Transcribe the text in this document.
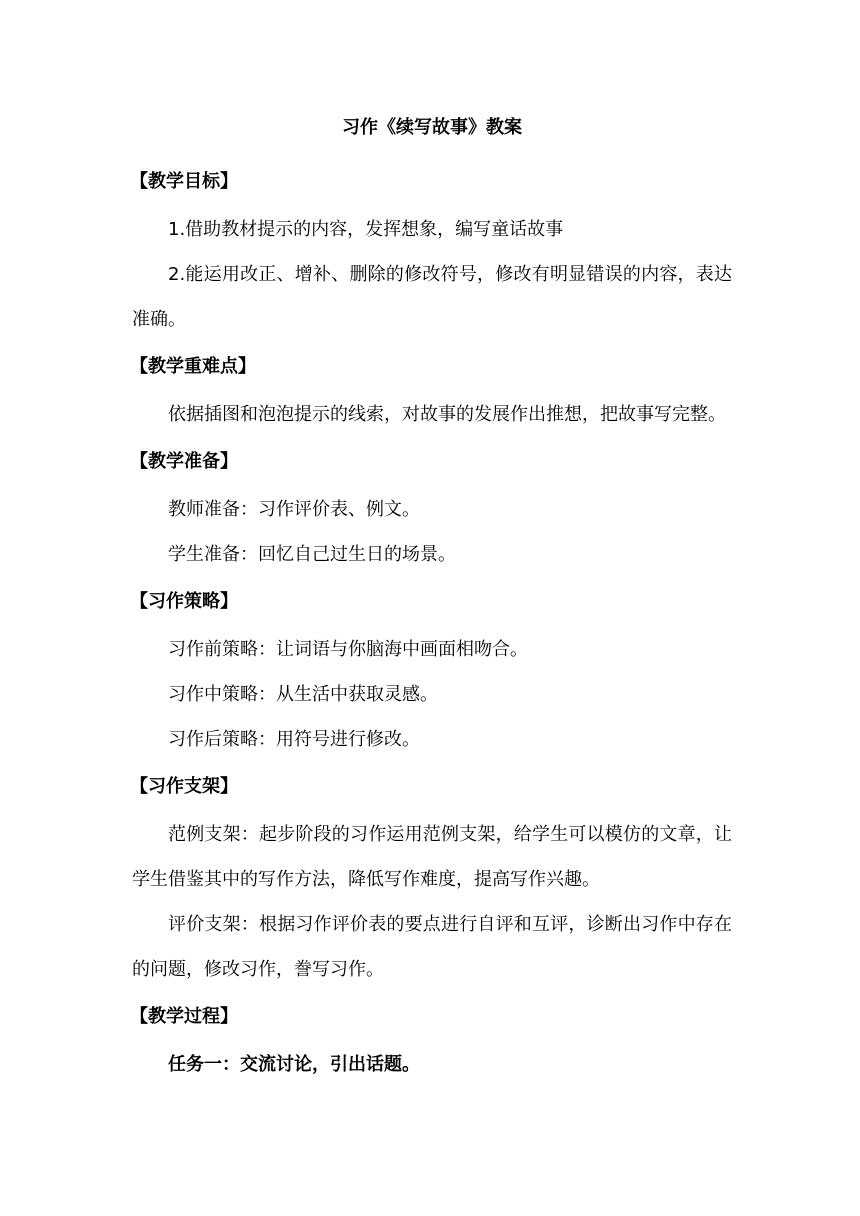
习作《续写故事》教案
【教学目标】

1.借助教材提示的内容，发挥想象，编写童话故事

2.能运用改正、增补、删除的修改符号，修改有明显错误的内容，表达准确。

【教学重难点】

依据插图和泡泡提示的线索，对故事的发展作出推想，把故事写完整。

【教学准备】

教师准备：习作评价表、例文。

学生准备：回忆自己过生日的场景。

【习作策略】

习作前策略：让词语与你脑海中画面相吻合。

习作中策略：从生活中获取灵感。

习作后策略：用符号进行修改。

【习作支架】

范例支架：起步阶段的习作运用范例支架，给学生可以模仿的文章，让学生借鉴其中的写作方法，降低写作难度，提高写作兴趣。

评价支架：根据习作评价表的要点进行自评和互评，诊断出习作中存在的问题，修改习作，誊写习作。

【教学过程】

任务一：交流讨论，引出话题。
